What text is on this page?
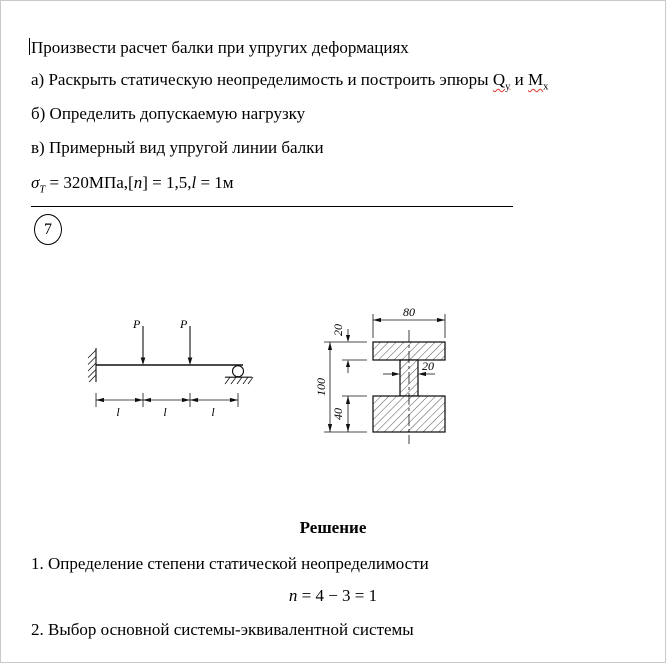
Произвести расчет балки при упругих деформациях
а) Раскрыть статическую неопределимость и построить эпюры $Q_y$ и $M_x$
б) Определить допускаемую нагрузку
в) Примерный вид упругой линии балки
$\sigma_Т = 320МПа,[n] = 1,5,l = 1м$
7
P	P
l	l	l
80
100
20
40
20
Решение
1. Определение степени статической неопределимости
n = 4 − 3 = 1
2. Выбор основной системы-эквивалентной системы
